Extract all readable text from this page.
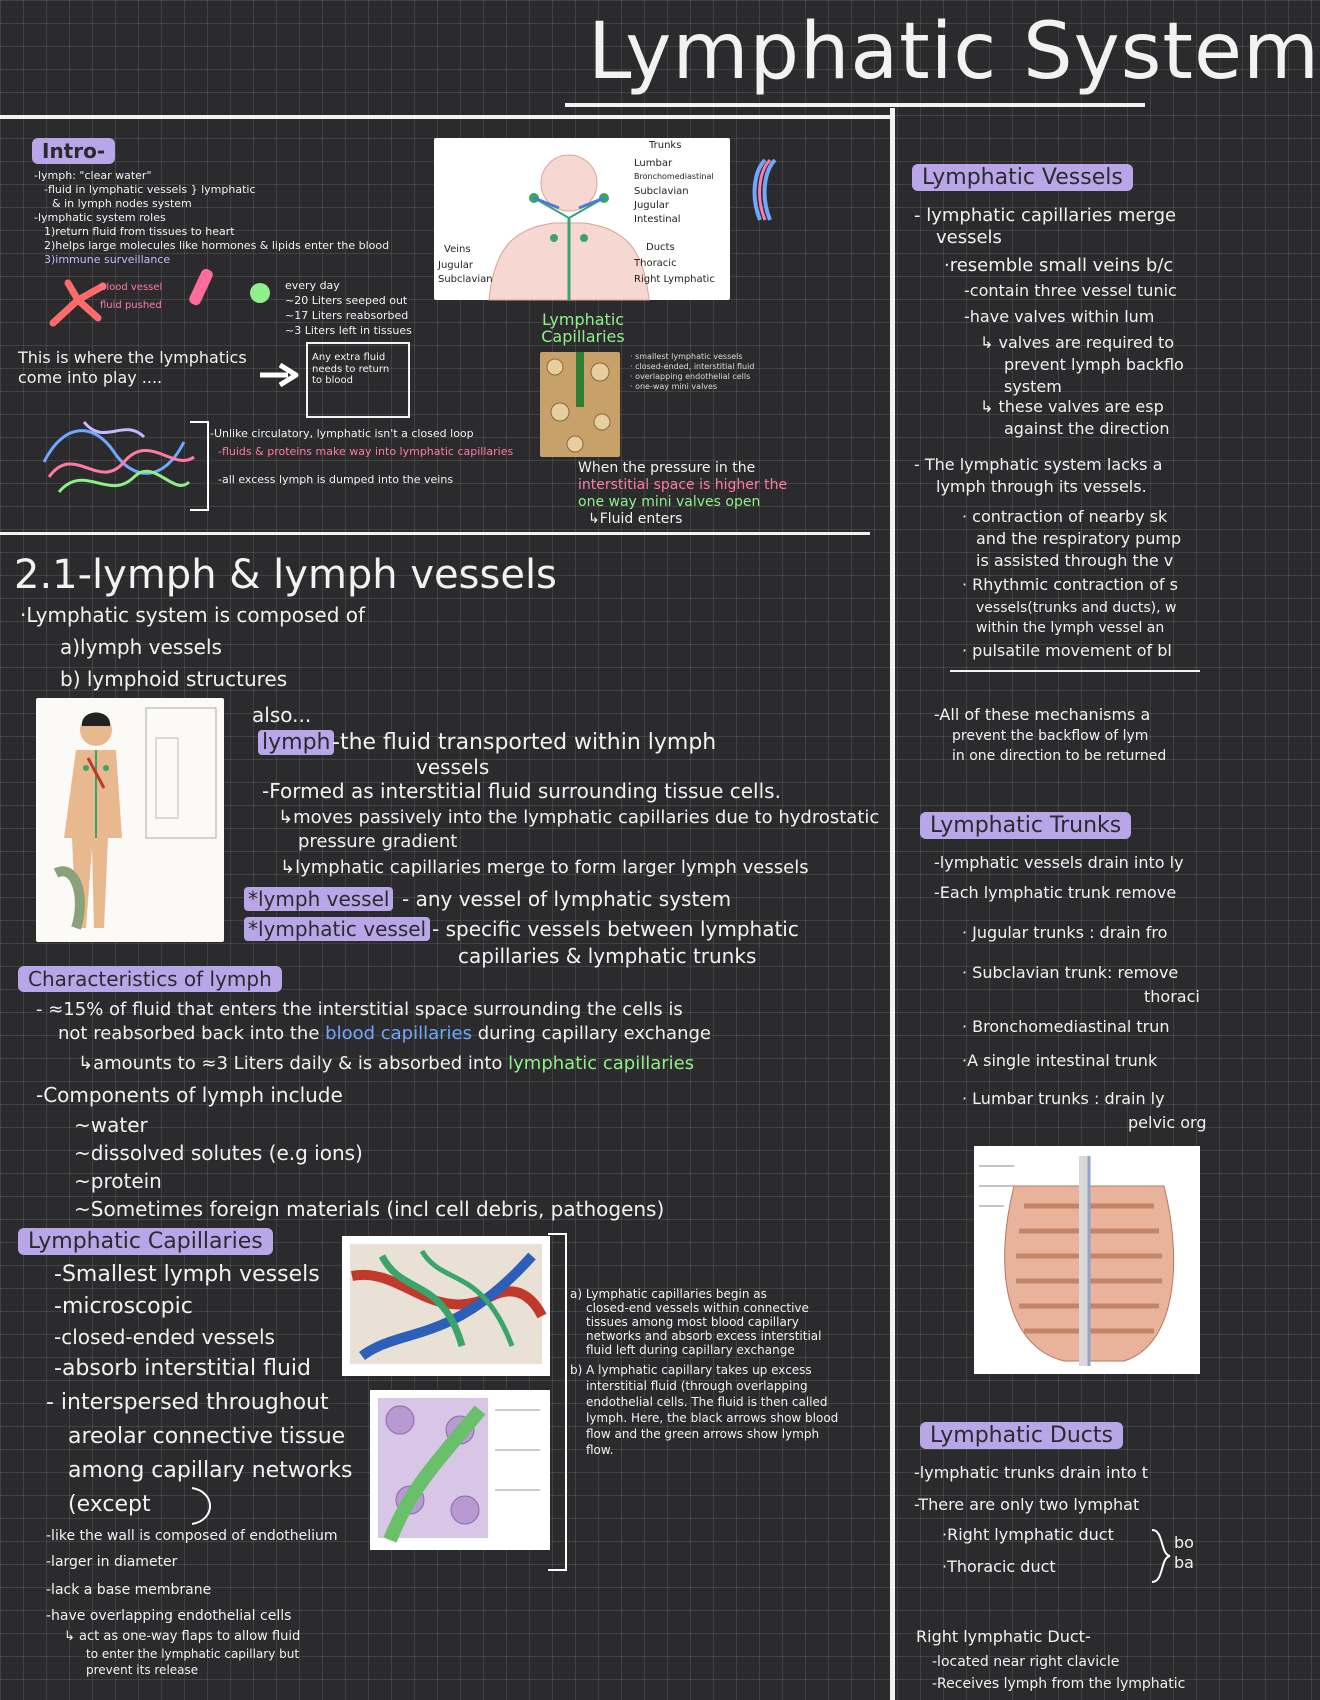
Lymphatic System
Intro-
-lymph: "clear water"
-fluid in lymphatic vessels } lymphatic
& in lymph nodes system
-lymphatic system roles
1)return fluid from tissues to heart
2)helps large molecules like hormones & lipids enter the blood
3)immune surveillance
blood vessel
fluid pushed
every day
~20 Liters seeped out
~17 Liters reabsorbed
~3 Liters left in tissues
Any extra fluid needs to return to blood
This is where the lymphatics come into play ....
-Unlike circulatory, lymphatic isn't a closed loop
-fluids & proteins make way into lymphatic capillaries
-all excess lymph is dumped into the veins
Trunks
Lumbar
Bronchomediastinal
Subclavian
Jugular
Intestinal
Ducts
Thoracic
Right Lymphatic
Veins
Jugular
Subclavian
Lymphatic Capillaries
· smallest lymphatic vessels
· closed-ended, interstitial fluid
· overlapping endothelial cells
· one-way mini valves
When the pressure in the
interstitial space is higher the
one way mini valves open
↳Fluid enters
2.1-lymph & lymph vessels
·Lymphatic system is composed of
a)lymph vessels
b) lymphoid structures
also...
lymph -the fluid transported within lymph
vessels
-Formed as interstitial fluid surrounding tissue cells.
↳moves passively into the lymphatic capillaries due to hydrostatic
pressure gradient
↳lymphatic capillaries merge to form larger lymph vessels
*lymph vessel - any vessel of lymphatic system
*lymphatic vessel - specific vessels between lymphatic
capillaries & lymphatic trunks
Characteristics of lymph
- ≈15% of fluid that enters the interstitial space surrounding the cells is
not reabsorbed back into the blood capillaries during capillary exchange
↳amounts to ≈3 Liters daily & is absorbed into lymphatic capillaries
-Components of lymph include
~water
~dissolved solutes (e.g ions)
~protein
~Sometimes foreign materials (incl cell debris, pathogens)
Lymphatic Capillaries
-Smallest lymph vessels
-microscopic
-closed-ended vessels
-absorb interstitial fluid
- interspersed throughout
areolar connective tissue
among capillary networks
(except
-like the wall is composed of endothelium
-larger in diameter
-lack a base membrane
-have overlapping endothelial cells
↳ act as one-way flaps to allow fluid
to enter the lymphatic capillary but
prevent its release
a) Lymphatic capillaries begin as
closed-end vessels within connective
tissues among most blood capillary
networks and absorb excess interstitial
fluid left during capillary exchange
b) A lymphatic capillary takes up excess
interstitial fluid (through overlapping
endothelial cells. The fluid is then called
lymph. Here, the black arrows show blood
flow and the green arrows show lymph
flow.
Lymphatic Vessels
- lymphatic capillaries merge
vessels
·resemble small veins b/c
-contain three vessel tunic
-have valves within lum
↳ valves are required to
prevent lymph backflo
system
↳ these valves are esp
against the direction
- The lymphatic system lacks a
lymph through its vessels.
· contraction of nearby sk
and the respiratory pump
is assisted through the v
· Rhythmic contraction of s
vessels(trunks and ducts), w
within the lymph vessel an
· pulsatile movement of bl
-All of these mechanisms a
prevent the backflow of lym
in one direction to be returned
Lymphatic Trunks
-lymphatic vessels drain into ly
-Each lymphatic trunk remove
· Jugular trunks : drain fro
· Subclavian trunk: remove
thoraci
· Bronchomediastinal trun
·A single intestinal trunk
· Lumbar trunks : drain ly
pelvic org
Lymphatic Ducts
-lymphatic trunks drain into t
-There are only two lymphat
·Right lymphatic duct
·Thoracic duct
bo
ba
Right lymphatic Duct-
-located near right clavicle
-Receives lymph from the lymphatic
